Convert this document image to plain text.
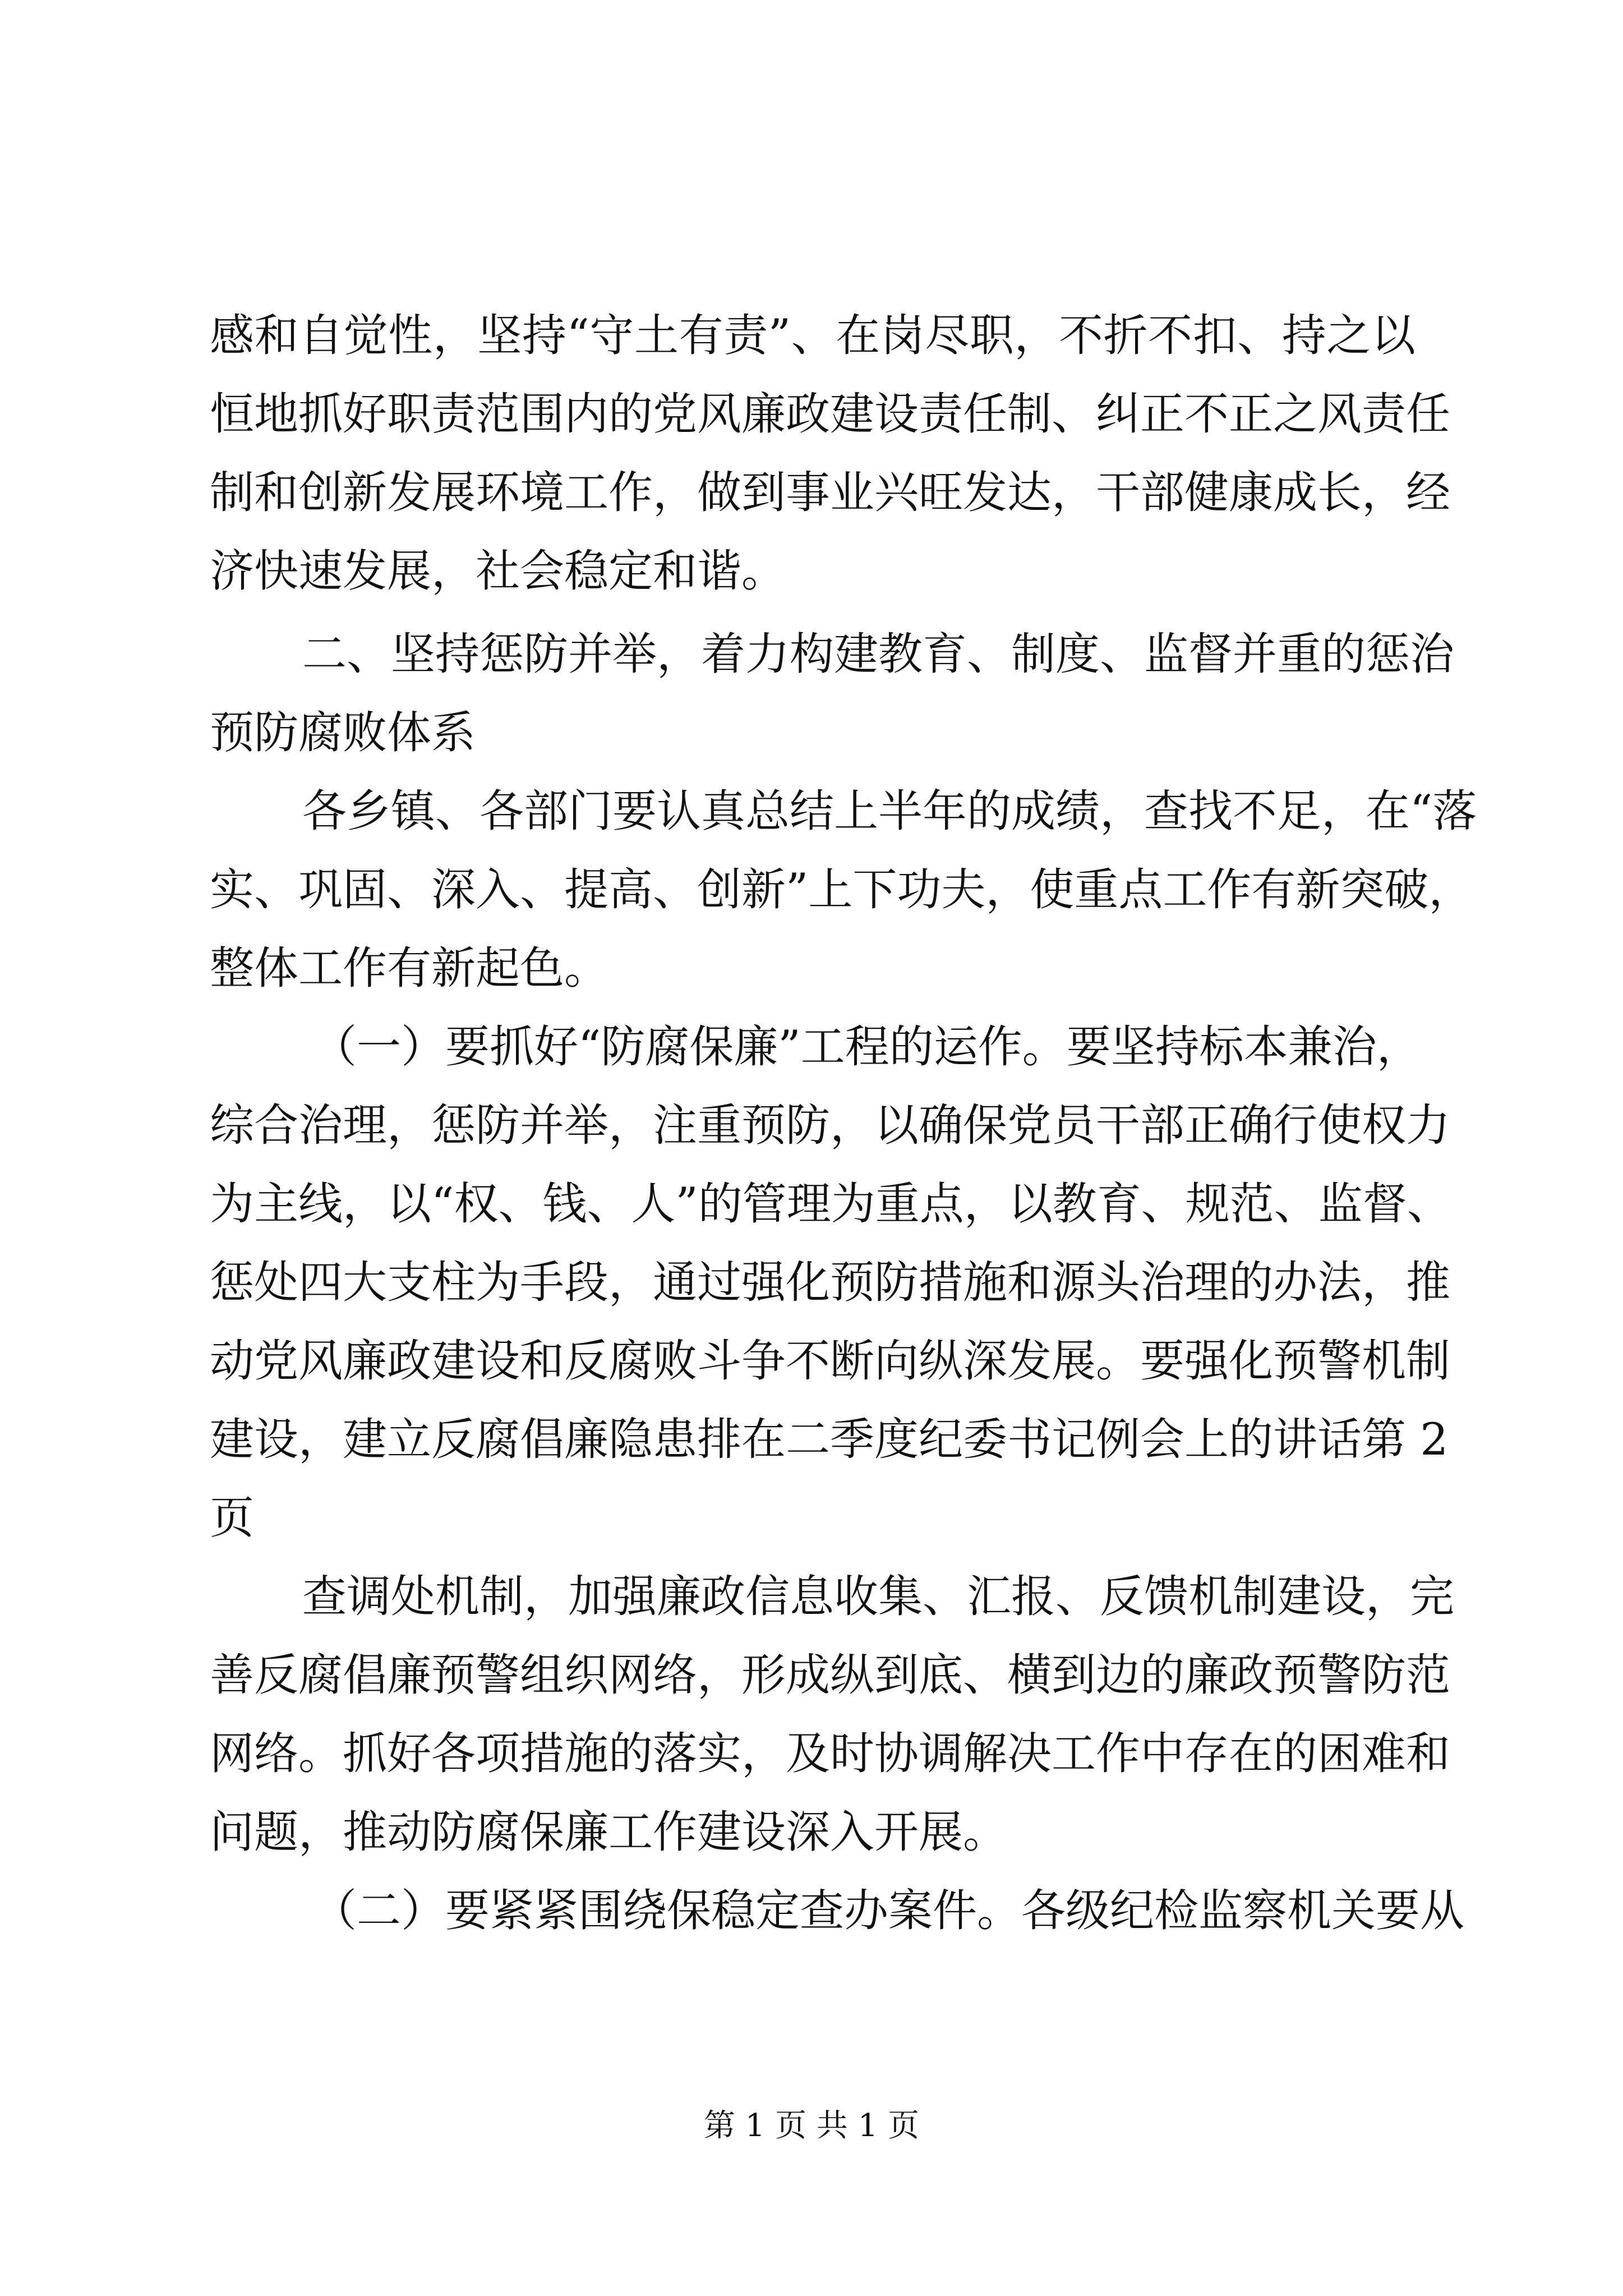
感和自觉性，坚持“守土有责”、在岗尽职，不折不扣、持之以
恒地抓好职责范围内的党风廉政建设责任制、纠正不正之风责任
制和创新发展环境工作，做到事业兴旺发达，干部健康成长，经
济快速发展，社会稳定和谐。
二、坚持惩防并举，着力构建教育、制度、监督并重的惩治
预防腐败体系
各乡镇、各部门要认真总结上半年的成绩，查找不足，在“落
实、巩固、深入、提高、创新”上下功夫，使重点工作有新突破，
整体工作有新起色。
（一）要抓好“防腐保廉”工程的运作。要坚持标本兼治，
综合治理，惩防并举，注重预防，以确保党员干部正确行使权力
为主线，以“权、钱、人”的管理为重点，以教育、规范、监督、
惩处四大支柱为手段，通过强化预防措施和源头治理的办法，推
动党风廉政建设和反腐败斗争不断向纵深发展。要强化预警机制
建设，建立反腐倡廉隐患排在二季度纪委书记例会上的讲话第 2
页
查调处机制，加强廉政信息收集、汇报、反馈机制建设，完
善反腐倡廉预警组织网络，形成纵到底、横到边的廉政预警防范
网络。抓好各项措施的落实，及时协调解决工作中存在的困难和
问题，推动防腐保廉工作建设深入开展。
（二）要紧紧围绕保稳定查办案件。各级纪检监察机关要从
第 1 页 共 1 页
